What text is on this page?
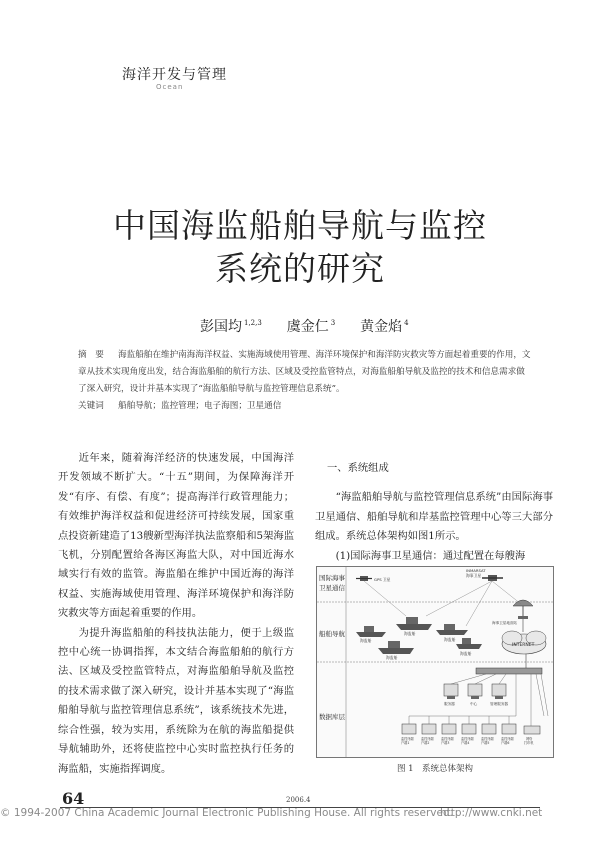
海洋开发与管理
Ocean
中国海监船舶导航与监控
系统的研究
彭国均 $^{1,2,3}$ 虞金仁 $^3$ 黄金焰 $^4$
摘　要 海监船舶在维护南海海洋权益、实施海域使用管理、海洋环境保护和海洋防灾救灾等方面起着重要的作用，文章从技术实现角度出发，结合海监船舶的航行方法、区域及受控监管特点，对海监船舶导航及监控的技术和信息需求做了深入研究，设计并基本实现了“海监船舶导航与监控管理信息系统”。
关键词 船舶导航；监控管理；电子海图；卫星通信

近年来，随着海洋经济的快速发展，中国海洋开发领域不断扩大。“十五”期间，为保障海洋开发“有序、有偿、有度”；提高海洋行政管理能力；有效维护海洋权益和促进经济可持续发展，国家重点投资新建造了13艘新型海洋执法监察船和5架海监飞机，分别配置给各海区海监大队，对中国近海水域实行有效的监管。海监船在维护中国近海的海洋权益、实施海域使用管理、海洋环境保护和海洋防灾救灾等方面起着重要的作用。

为提升海监船舶的科技执法能力，便于上级监控中心统一协调指挥，本文结合海监船舶的航行方法、区域及受控监管特点，对海监船舶导航及监控的技术需求做了深入研究，设计并基本实现了“海监船舶导航与监控管理信息系统”，该系统技术先进，综合性强，较为实用，系统除为在航的海监船提供导航辅助外，还将使监控中心实时监控执行任务的海监船，实施指挥调度。

一、系统组成

“海监船舶导航与监控管理信息系统”由国际海事卫星通信、船舶导航和岸基监控管理中心等三大部分组成。系统总体架构如图1所示。

(1)国际海事卫星通信：通过配置在每艘海

国际海事
卫星通信
船舶导航
数据库层
GPS 卫星
INMARSAT
海事卫星
海事卫星地面站
海监船
海监船
海监船
海监船
海监船
INTERNET
服务器	中心	管理服务器
监控终端
户端1
监控终端
户端2
监控终端
户端3
监控终端
户端4
监控终端
户端5
监控终端
户端6
网络
打印机
图 1　系统总体架构
64	2006.4
© 1994-2007 China Academic Journal Electronic Publishing House. All rights reserved.
http://www.cnki.net
